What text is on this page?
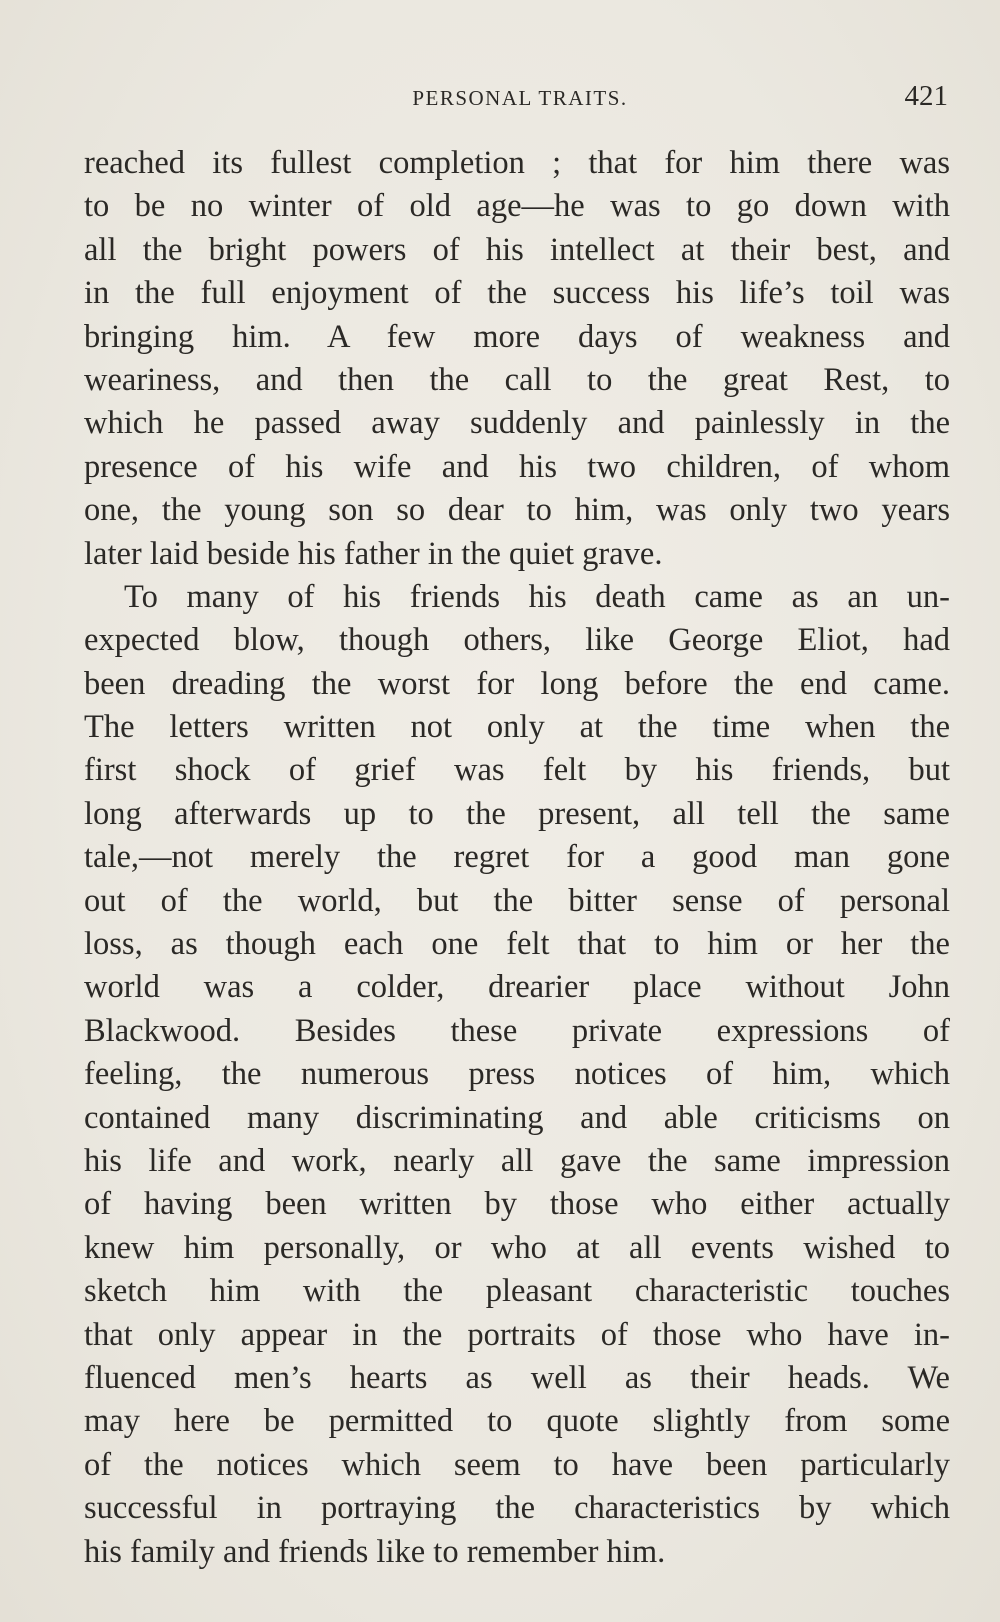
PERSONAL TRAITS.	421
reached its fullest completion ; that for him there was
to be no winter of old age—he was to go down with
all the bright powers of his intellect at their best, and
in the full enjoyment of the success his life’s toil was
bringing him. A few more days of weakness and
weariness, and then the call to the great Rest, to
which he passed away suddenly and painlessly in the
presence of his wife and his two children, of whom
one, the young son so dear to him, was only two years
later laid beside his father in the quiet grave.
To many of his friends his death came as an un-
expected blow, though others, like George Eliot, had
been dreading the worst for long before the end came.
The letters written not only at the time when the
first shock of grief was felt by his friends, but
long afterwards up to the present, all tell the same
tale,—not merely the regret for a good man gone
out of the world, but the bitter sense of personal
loss, as though each one felt that to him or her the
world was a colder, drearier place without John
Blackwood. Besides these private expressions of
feeling, the numerous press notices of him, which
contained many discriminating and able criticisms on
his life and work, nearly all gave the same impression
of having been written by those who either actually
knew him personally, or who at all events wished to
sketch him with the pleasant characteristic touches
that only appear in the portraits of those who have in-
fluenced men’s hearts as well as their heads. We
may here be permitted to quote slightly from some
of the notices which seem to have been particularly
successful in portraying the characteristics by which
his family and friends like to remember him.
